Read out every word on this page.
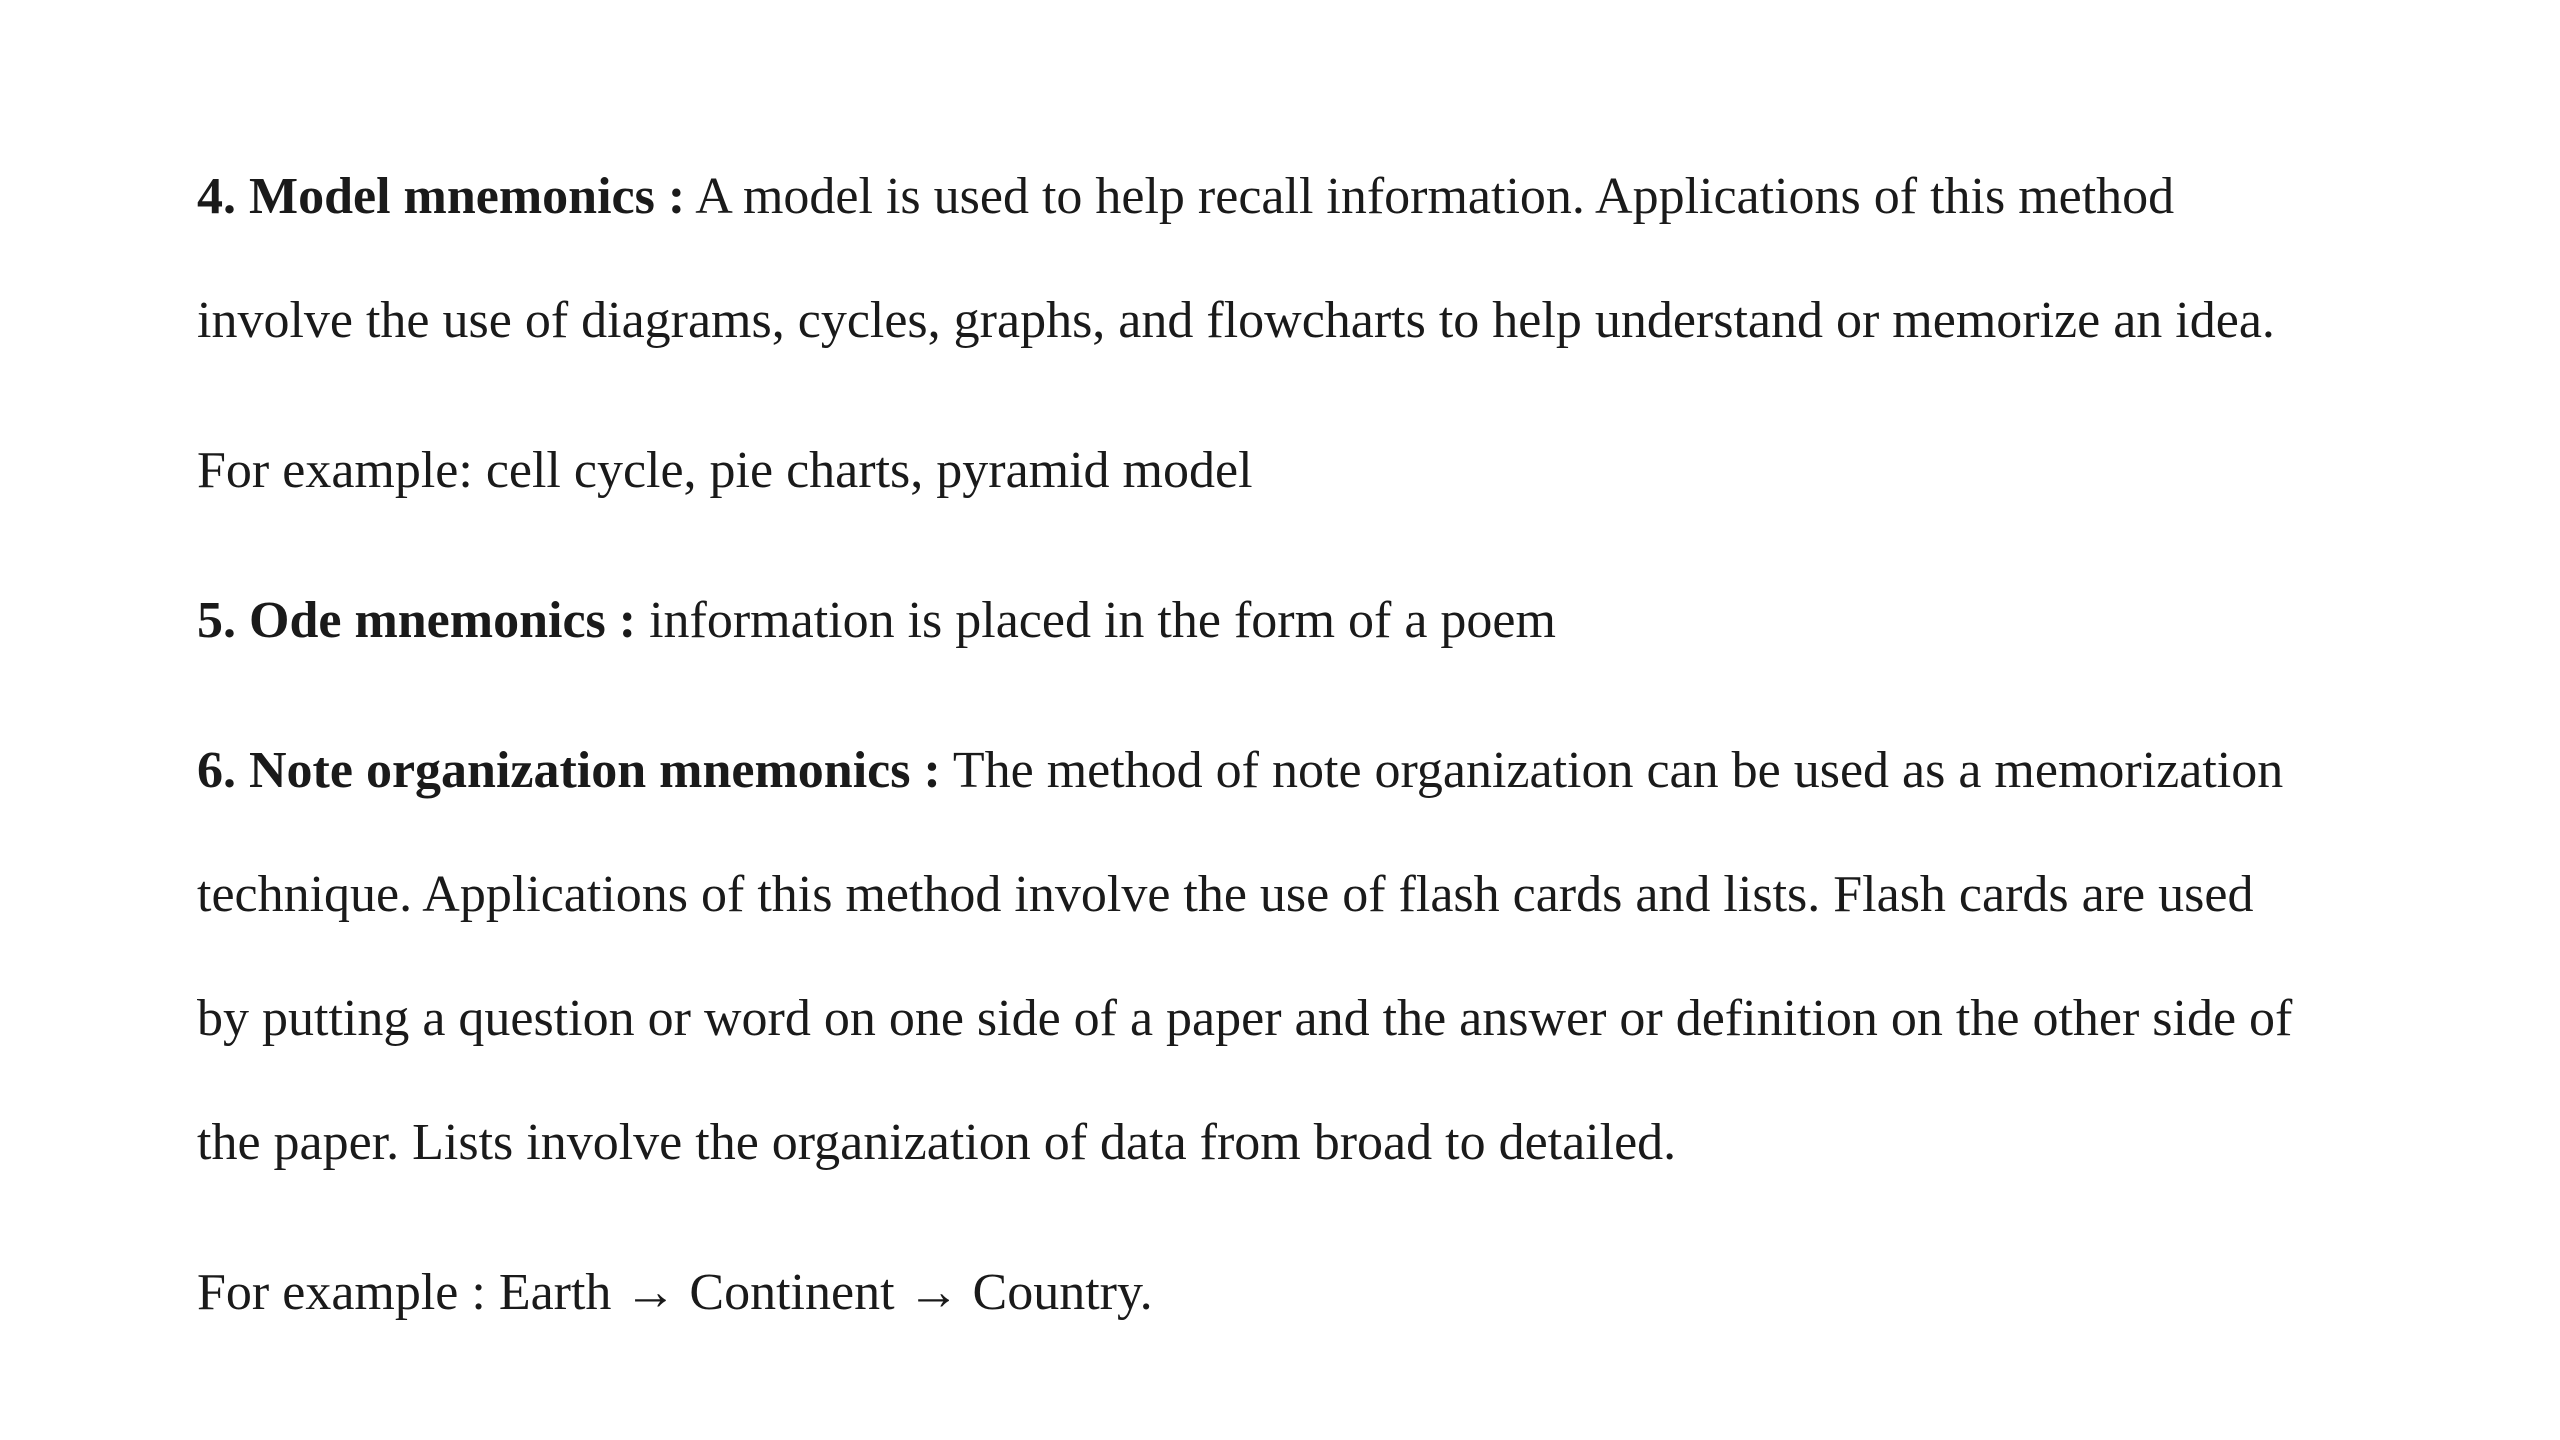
4. Model mnemonics : A model is used to help recall information. Applications of this method
involve the use of diagrams, cycles, graphs, and flowcharts to help understand or memorize an idea.
For example: cell cycle, pie charts, pyramid model
5. Ode mnemonics : information is placed in the form of a poem
6. Note organization mnemonics : The method of note organization can be used as a memorization
technique. Applications of this method involve the use of flash cards and lists. Flash cards are used
by putting a question or word on one side of a paper and the answer or definition on the other side of
the paper. Lists involve the organization of data from broad to detailed.
For example : Earth → Continent → Country.
